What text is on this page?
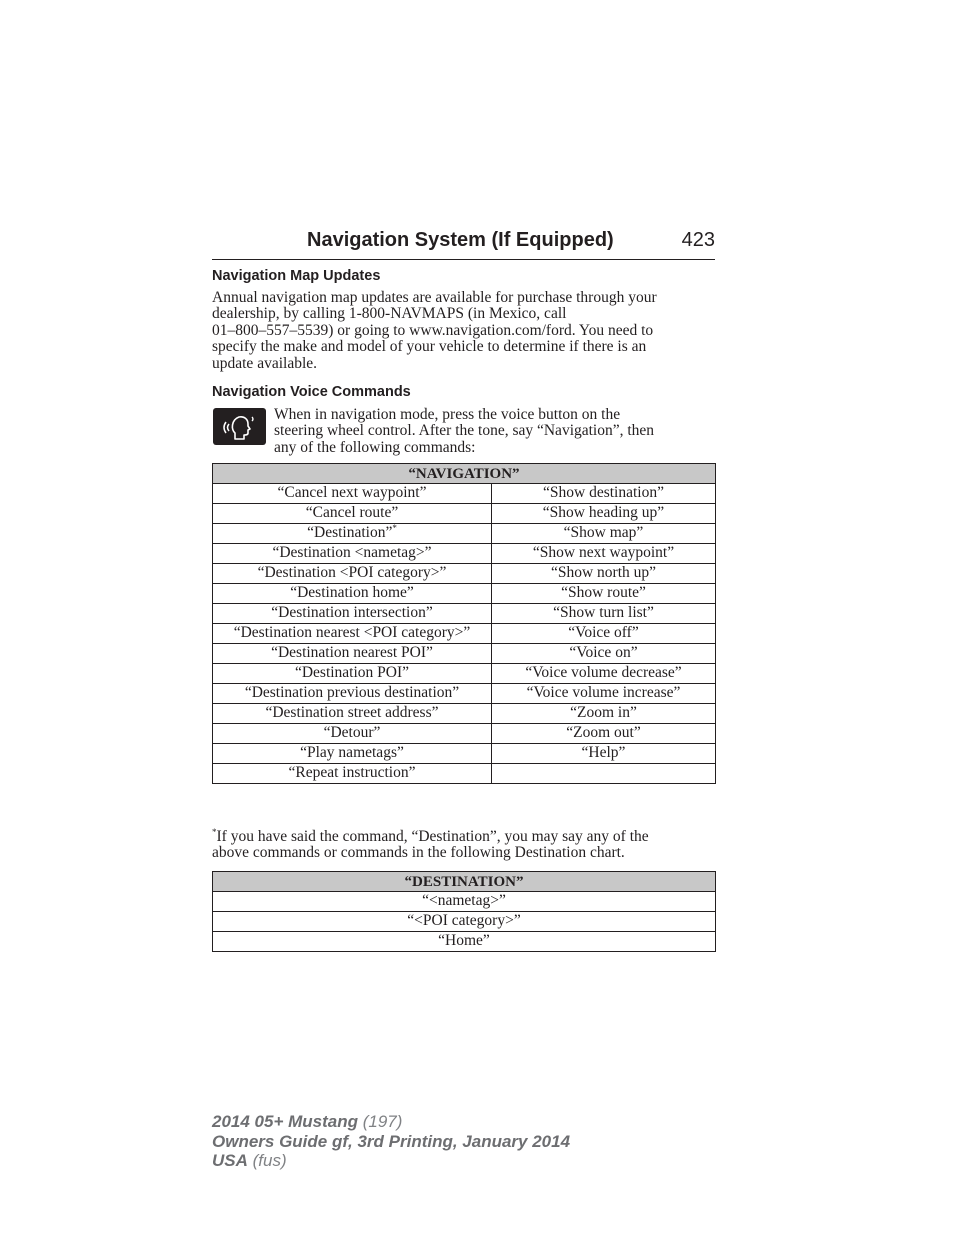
Navigation System (If Equipped)	423
Navigation Map Updates

Annual navigation map updates are available for purchase through your
dealership, by calling 1-800-NAVMAPS (in Mexico, call
01–800–557–5539) or going to www.navigation.com/ford. You need to
specify the make and model of your vehicle to determine if there is an
update available.

Navigation Voice Commands

When in navigation mode, press the voice button on the
steering wheel control. After the tone, say “Navigation”, then
any of the following commands:

“NAVIGATION”	
“Cancel next waypoint”	“Show destination”
“Cancel route”	“Show heading up”
“Destination”*	“Show map”
“Destination <nametag>”	“Show next waypoint”
“Destination <POI category>”	“Show north up”
“Destination home”	“Show route”
“Destination intersection”	“Show turn list”
“Destination nearest <POI category>”	“Voice off”
“Destination nearest POI”	“Voice on”
“Destination POI”	“Voice volume decrease”
“Destination previous destination”	“Voice volume increase”
“Destination street address”	“Zoom in”
“Detour”	“Zoom out”
“Play nametags”	“Help”
“Repeat instruction”	

*If you have said the command, “Destination”, you may say any of the
above commands or commands in the following Destination chart.

“DESTINATION”
“<nametag>”
“<POI category>”
“Home”
2014 05+ Mustang (197)
Owners Guide gf, 3rd Printing, January 2014
USA (fus)
